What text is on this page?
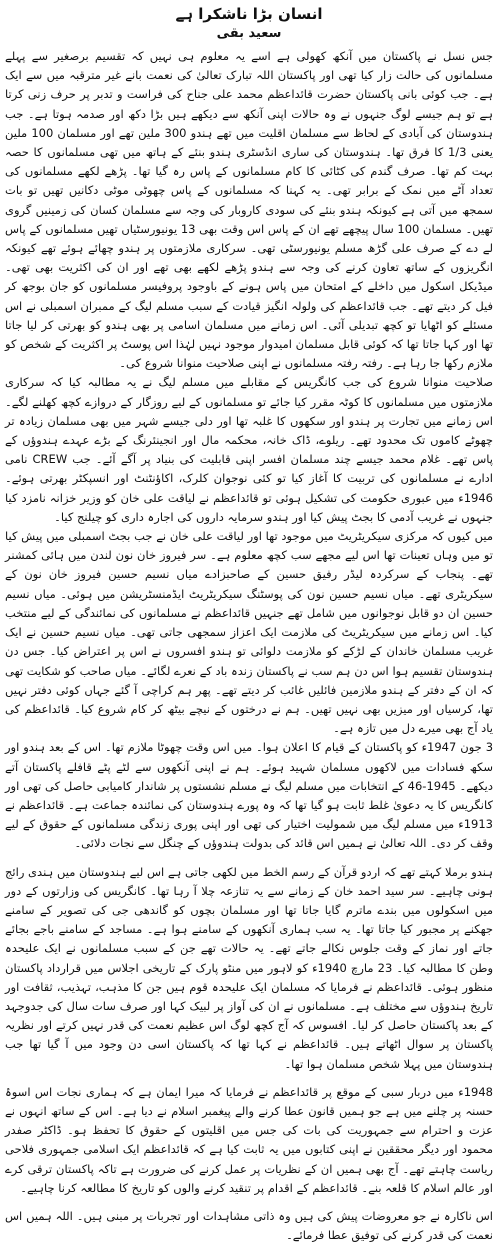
انسان بڑا ناشکرا ہے
سعید بقی

جس نسل نے پاکستان میں آنکھ کھولی ہے اسے یہ معلوم ہی نہیں کہ تقسیم برصغیر سے پہلے مسلمانوں کی حالت زار کیا تھی اور پاکستان اللہ تبارک تعالیٰ کی نعمت بانے غیر مترقبہ میں سے ایک ہے۔ جب کوئی بانی پاکستان حضرت قائداعظم محمد علی جناح کی فراست و تدبر پر حرف زنی کرتا ہے تو ہم جیسے لوگ جنہوں نے وہ حالات اپنی آنکھ سے دیکھے ہیں بڑا دکھ اور صدمہ ہوتا ہے۔ جب ہندوستان کی آبادی کے لحاظ سے مسلمان اقلیت میں تھے ہندو 300 ملین تھے اور مسلمان 100 ملین یعنی 1/3 کا فرق تھا۔ ہندوستان کی ساری انڈسٹری ہندو بنئے کے ہاتھ میں تھی مسلمانوں کا حصہ بہت کم تھا۔ صرف گندم کی کٹائی کا کام مسلمانوں کے پاس رہ گیا تھا۔ پڑھے لکھے مسلمانوں کی تعداد آٹے میں نمک کے برابر تھی۔ یہ کہنا کہ مسلمانوں کے پاس چھوٹی موٹی دکانیں تھیں تو بات سمجھ میں آتی ہے کیونکہ ہندو بنئے کی سودی کاروبار کی وجہ سے مسلمان کسان کی زمینیں گروی تھیں۔ مسلمان 100 سال پیچھے تھے ان کے پاس اس وقت بھی 13 یونیورسٹیاں تھیں مسلمانوں کے پاس لے دے کے صرف علی گڑھ مسلم یونیورسٹی تھی۔ سرکاری ملازمتوں پر ہندو چھائے ہوئے تھے کیونکہ انگریزوں کے ساتھ تعاون کرنے کی وجہ سے ہندو پڑھے لکھے بھی تھے اور ان کی اکثریت بھی تھی۔ میڈیکل اسکول میں داخلے کے امتحان میں پاس ہونے کے باوجود پروفیسر مسلمانوں کو جان بوجھ کر فیل کر دیتے تھے۔ جب قائداعظم کی ولولہ انگیز قیادت کے سبب مسلم لیگ کے ممبران اسمبلی نے اس مسئلے کو اٹھایا تو کچھ تبدیلی آئی۔ اس زمانے میں مسلمان اسامی پر بھی ہندو کو بھرتی کر لیا جاتا تھا اور کہا جاتا تھا کہ کوئی قابل مسلمان امیدوار موجود نہیں لہٰذا اس پوسٹ پر اکثریت کے شخص کو ملازم رکھا جا رہا ہے۔ رفتہ رفتہ مسلمانوں نے اپنی صلاحیت منوانا شروع کی۔

صلاحیت منوانا شروع کی جب کانگریس کے مقابلے میں مسلم لیگ نے یہ مطالبہ کیا کہ سرکاری ملازمتوں میں مسلمانوں کا کوٹہ مقرر کیا جائے تو مسلمانوں کے لیے روزگار کے دروازے کچھ کھلنے لگے۔ اس زمانے میں تجارت پر ہندو اور سکھوں کا غلبہ تھا اور دلی جیسے شہر میں بھی مسلمان زیادہ تر چھوٹے کاموں تک محدود تھے۔ ریلوے، ڈاک خانہ، محکمہ مال اور انجینئرنگ کے بڑے عہدے ہندوؤں کے پاس تھے۔ غلام محمد جیسے چند مسلمان افسر اپنی قابلیت کی بنیاد پر آگے آئے۔ جب CREW نامی ادارے نے مسلمانوں کی تربیت کا آغاز کیا تو کئی نوجوان کلرک، اکاؤنٹنٹ اور انسپکٹر بھرتی ہوئے۔ 1946ء میں عبوری حکومت کی تشکیل ہوئی تو قائداعظم نے لیاقت علی خان کو وزیر خزانہ نامزد کیا جنہوں نے غریب آدمی کا بجٹ پیش کیا اور ہندو سرمایہ داروں کی اجارہ داری کو چیلنج کیا۔

میں کیوں کہ مرکزی سیکریٹریٹ میں موجود تھا اور لیاقت علی خان نے جب بجٹ اسمبلی میں پیش کیا تو میں وہاں تعینات تھا اس لیے مجھے سب کچھ معلوم ہے۔ سر فیروز خان نون لندن میں ہائی کمشنر تھے۔ پنجاب کے سرکردہ لیڈر رفیق حسین کے صاحبزادے میاں نسیم حسین فیروز خان نون کے سیکریٹری تھے۔ میاں نسیم حسین نون کی پوسٹنگ سیکریٹریٹ ایڈمنسٹریشن میں ہوئی۔ میاں نسیم حسین ان دو قابل نوجوانوں میں شامل تھے جنہیں قائداعظم نے مسلمانوں کی نمائندگی کے لیے منتخب کیا۔ اس زمانے میں سیکریٹریٹ کی ملازمت ایک اعزاز سمجھی جاتی تھی۔ میاں نسیم حسین نے ایک غریب مسلمان خاندان کے لڑکے کو ملازمت دلوائی تو ہندو افسروں نے اس پر اعتراض کیا۔ جس دن ہندوستان تقسیم ہوا اس دن ہم سب نے پاکستان زندہ باد کے نعرے لگائے۔ میاں صاحب کو شکایت تھی کہ ان کے دفتر کے ہندو ملازمین فائلیں غائب کر دیتے تھے۔ پھر ہم کراچی آ گئے جہاں کوئی دفتر نہیں تھا، کرسیاں اور میزیں بھی نہیں تھیں۔ ہم نے درختوں کے نیچے بیٹھ کر کام شروع کیا۔ قائداعظم کی یاد آج بھی میرے دل میں تازہ ہے۔

3 جون 1947ء کو پاکستان کے قیام کا اعلان ہوا۔ میں اس وقت چھوٹا ملازم تھا۔ اس کے بعد ہندو اور سکھ فسادات میں لاکھوں مسلمان شہید ہوئے۔ ہم نے اپنی آنکھوں سے لٹے پٹے قافلے پاکستان آتے دیکھے۔ 1945-46 کے انتخابات میں مسلم لیگ نے مسلم نشستوں پر شاندار کامیابی حاصل کی تھی اور کانگریس کا یہ دعویٰ غلط ثابت ہو گیا تھا کہ وہ پورے ہندوستان کی نمائندہ جماعت ہے۔ قائداعظم نے 1913ء میں مسلم لیگ میں شمولیت اختیار کی تھی اور اپنی پوری زندگی مسلمانوں کے حقوق کے لیے وقف کر دی۔ اللہ تعالیٰ نے ہمیں اس قائد کی بدولت ہندوؤں کے چنگل سے نجات دلائی۔

ہندو برملا کہتے تھے کہ اردو قرآن کے رسم الخط میں لکھی جاتی ہے اس لیے ہندوستان میں ہندی رائج ہونی چاہیے۔ سر سید احمد خان کے زمانے سے یہ تنازعہ چلا آ رہا تھا۔ کانگریس کی وزارتوں کے دور میں اسکولوں میں بندے ماترم گایا جاتا تھا اور مسلمان بچوں کو گاندھی جی کی تصویر کے سامنے جھکنے پر مجبور کیا جاتا تھا۔ یہ سب ہماری آنکھوں کے سامنے ہوا ہے۔ مساجد کے سامنے باجے بجائے جاتے اور نماز کے وقت جلوس نکالے جاتے تھے۔ یہ حالات تھے جن کے سبب مسلمانوں نے ایک علیحدہ وطن کا مطالبہ کیا۔ 23 مارچ 1940ء کو لاہور میں منٹو پارک کے تاریخی اجلاس میں قرارداد پاکستان منظور ہوئی۔ قائداعظم نے فرمایا کہ مسلمان ایک علیحدہ قوم ہیں جن کا مذہب، تہذیب، ثقافت اور تاریخ ہندوؤں سے مختلف ہے۔ مسلمانوں نے ان کی آواز پر لبیک کہا اور صرف سات سال کی جدوجہد کے بعد پاکستان حاصل کر لیا۔ افسوس کہ آج کچھ لوگ اس عظیم نعمت کی قدر نہیں کرتے اور نظریہ پاکستان پر سوال اٹھاتے ہیں۔ قائداعظم نے کہا تھا کہ پاکستان اسی دن وجود میں آ گیا تھا جب ہندوستان میں پہلا شخص مسلمان ہوا تھا۔

1948ء میں دربار سبی کے موقع پر قائداعظم نے فرمایا کہ میرا ایمان ہے کہ ہماری نجات اس اسوۂ حسنہ پر چلنے میں ہے جو ہمیں قانون عطا کرنے والے پیغمبر اسلام نے دیا ہے۔ اس کے ساتھ انہوں نے عزت و احترام سے جمہوریت کی بات کی جس میں اقلیتوں کے حقوق کا تحفظ ہو۔ ڈاکٹر صفدر محمود اور دیگر محققین نے اپنی کتابوں میں یہ ثابت کیا ہے کہ قائداعظم ایک اسلامی جمہوری فلاحی ریاست چاہتے تھے۔ آج بھی ہمیں ان کے نظریات پر عمل کرنے کی ضرورت ہے تاکہ پاکستان ترقی کرے اور عالم اسلام کا قلعہ بنے۔ قائداعظم کے اقدام پر تنقید کرنے والوں کو تاریخ کا مطالعہ کرنا چاہیے۔

اس ناکارہ نے جو معروضات پیش کی ہیں وہ ذاتی مشاہدات اور تجربات پر مبنی ہیں۔ اللہ ہمیں اس نعمت کی قدر کرنے کی توفیق عطا فرمائے۔
